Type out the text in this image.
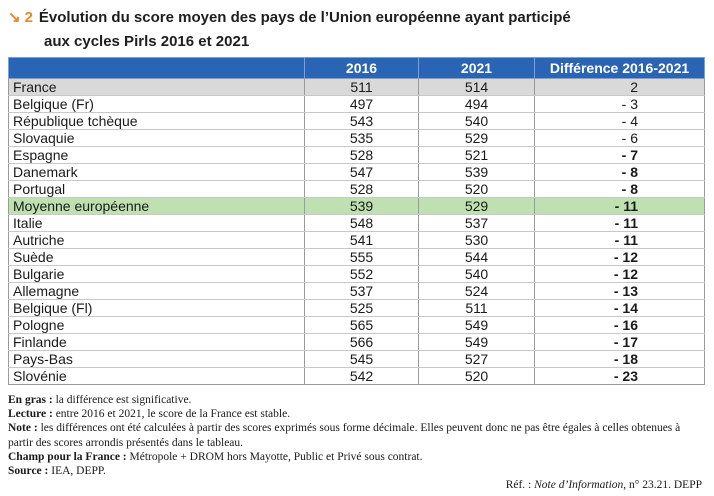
↘ 2 Évolution du score moyen des pays de l’Union européenne ayant participé
aux cycles Pirls 2016 et 2021
	2016	2021	Différence 2016-2021
France	511	514	2
Belgique (Fr)	497	494	- 3
République tchèque	543	540	- 4
Slovaquie	535	529	- 6
Espagne	528	521	- 7
Danemark	547	539	- 8
Portugal	528	520	- 8
Moyenne européenne	539	529	- 11
Italie	548	537	- 11
Autriche	541	530	- 11
Suède	555	544	- 12
Bulgarie	552	540	- 12
Allemagne	537	524	- 13
Belgique (Fl)	525	511	- 14
Pologne	565	549	- 16
Finlande	566	549	- 17
Pays-Bas	545	527	- 18
Slovénie	542	520	- 23

En gras : la différence est significative.

Lecture : entre 2016 et 2021, le score de la France est stable.

Note : les différences ont été calculées à partir des scores exprimés sous forme décimale. Elles peuvent donc ne pas être égales à celles obtenues à partir des scores arrondis présentés dans le tableau.

Champ pour la France : Métropole + DROM hors Mayotte, Public et Privé sous contrat.

Source : IEA, DEPP.

Réf. : Note d’Information, n° 23.21. DEPP
